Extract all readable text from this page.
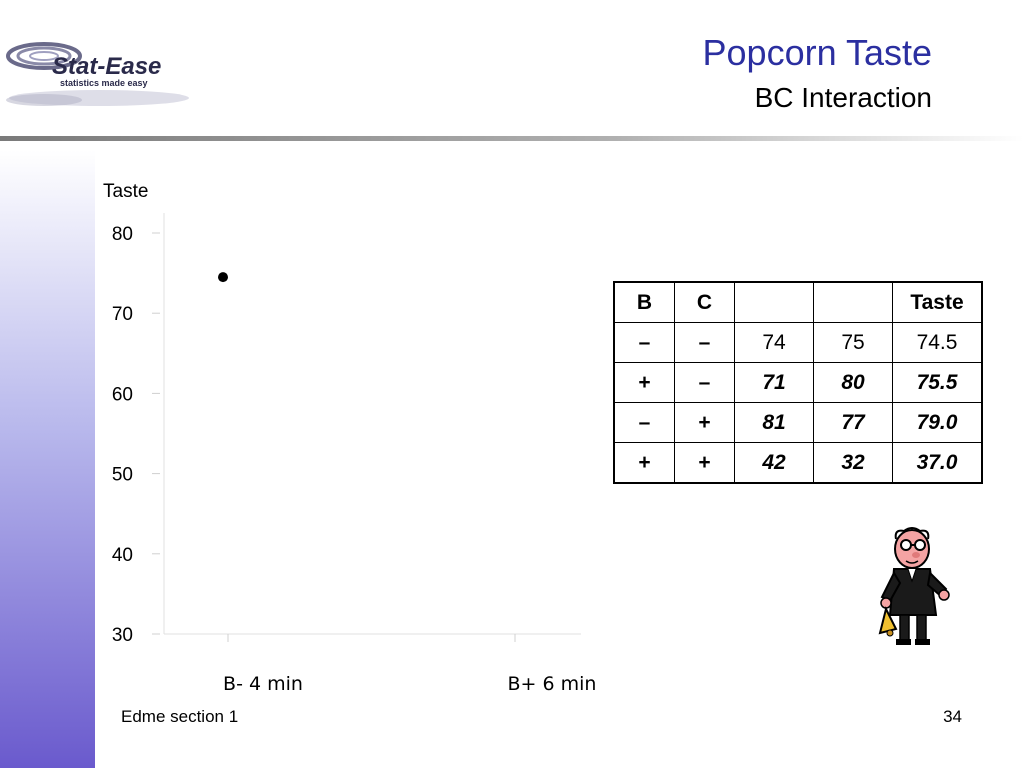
Stat-Ease
statistics made easy
Popcorn Taste
BC Interaction
Taste
80
70
60
50
40
30
B- 4 min	B+ 6 min
B	C			Taste
–	–	74	75	74.5
+	–	71	80	75.5
–	+	81	77	79.0
+	+	42	32	37.0
Edme section 1	34
